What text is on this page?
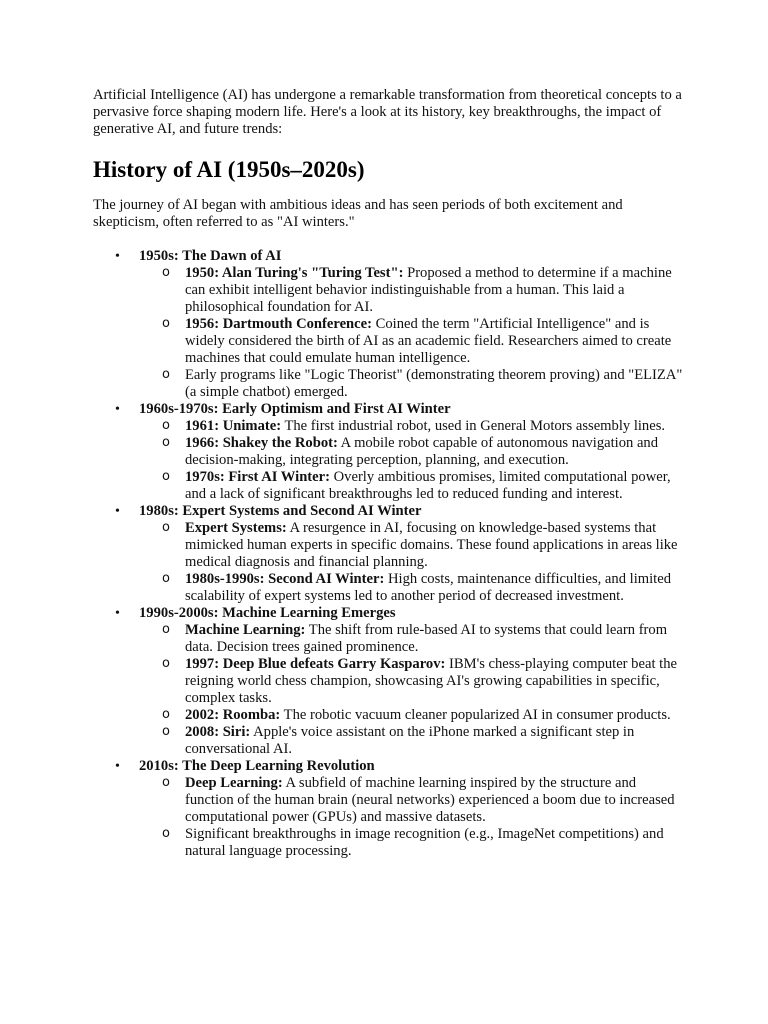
Artificial Intelligence (AI) has undergone a remarkable transformation from theoretical concepts to a pervasive force shaping modern life. Here's a look at its history, key breakthroughs, the impact of generative AI, and future trends:

History of AI (1950s–2020s)

The journey of AI began with ambitious ideas and has seen periods of both excitement and skepticism, often referred to as "AI winters."

• 1950s: The Dawn of AI
o 1950: Alan Turing's "Turing Test": Proposed a method to determine if a machine can exhibit intelligent behavior indistinguishable from a human. This laid a philosophical foundation for AI.
o 1956: Dartmouth Conference: Coined the term "Artificial Intelligence" and is widely considered the birth of AI as an academic field. Researchers aimed to create machines that could emulate human intelligence.
o Early programs like "Logic Theorist" (demonstrating theorem proving) and "ELIZA" (a simple chatbot) emerged.
• 1960s-1970s: Early Optimism and First AI Winter
o 1961: Unimate: The first industrial robot, used in General Motors assembly lines.
o 1966: Shakey the Robot: A mobile robot capable of autonomous navigation and decision-making, integrating perception, planning, and execution.
o 1970s: First AI Winter: Overly ambitious promises, limited computational power, and a lack of significant breakthroughs led to reduced funding and interest.
• 1980s: Expert Systems and Second AI Winter
o Expert Systems: A resurgence in AI, focusing on knowledge-based systems that mimicked human experts in specific domains. These found applications in areas like medical diagnosis and financial planning.
o 1980s-1990s: Second AI Winter: High costs, maintenance difficulties, and limited scalability of expert systems led to another period of decreased investment.
• 1990s-2000s: Machine Learning Emerges
o Machine Learning: The shift from rule-based AI to systems that could learn from data. Decision trees gained prominence.
o 1997: Deep Blue defeats Garry Kasparov: IBM's chess-playing computer beat the reigning world chess champion, showcasing AI's growing capabilities in specific, complex tasks.
o 2002: Roomba: The robotic vacuum cleaner popularized AI in consumer products.
o 2008: Siri: Apple's voice assistant on the iPhone marked a significant step in conversational AI.
• 2010s: The Deep Learning Revolution
o Deep Learning: A subfield of machine learning inspired by the structure and function of the human brain (neural networks) experienced a boom due to increased computational power (GPUs) and massive datasets.
o Significant breakthroughs in image recognition (e.g., ImageNet competitions) and natural language processing.
